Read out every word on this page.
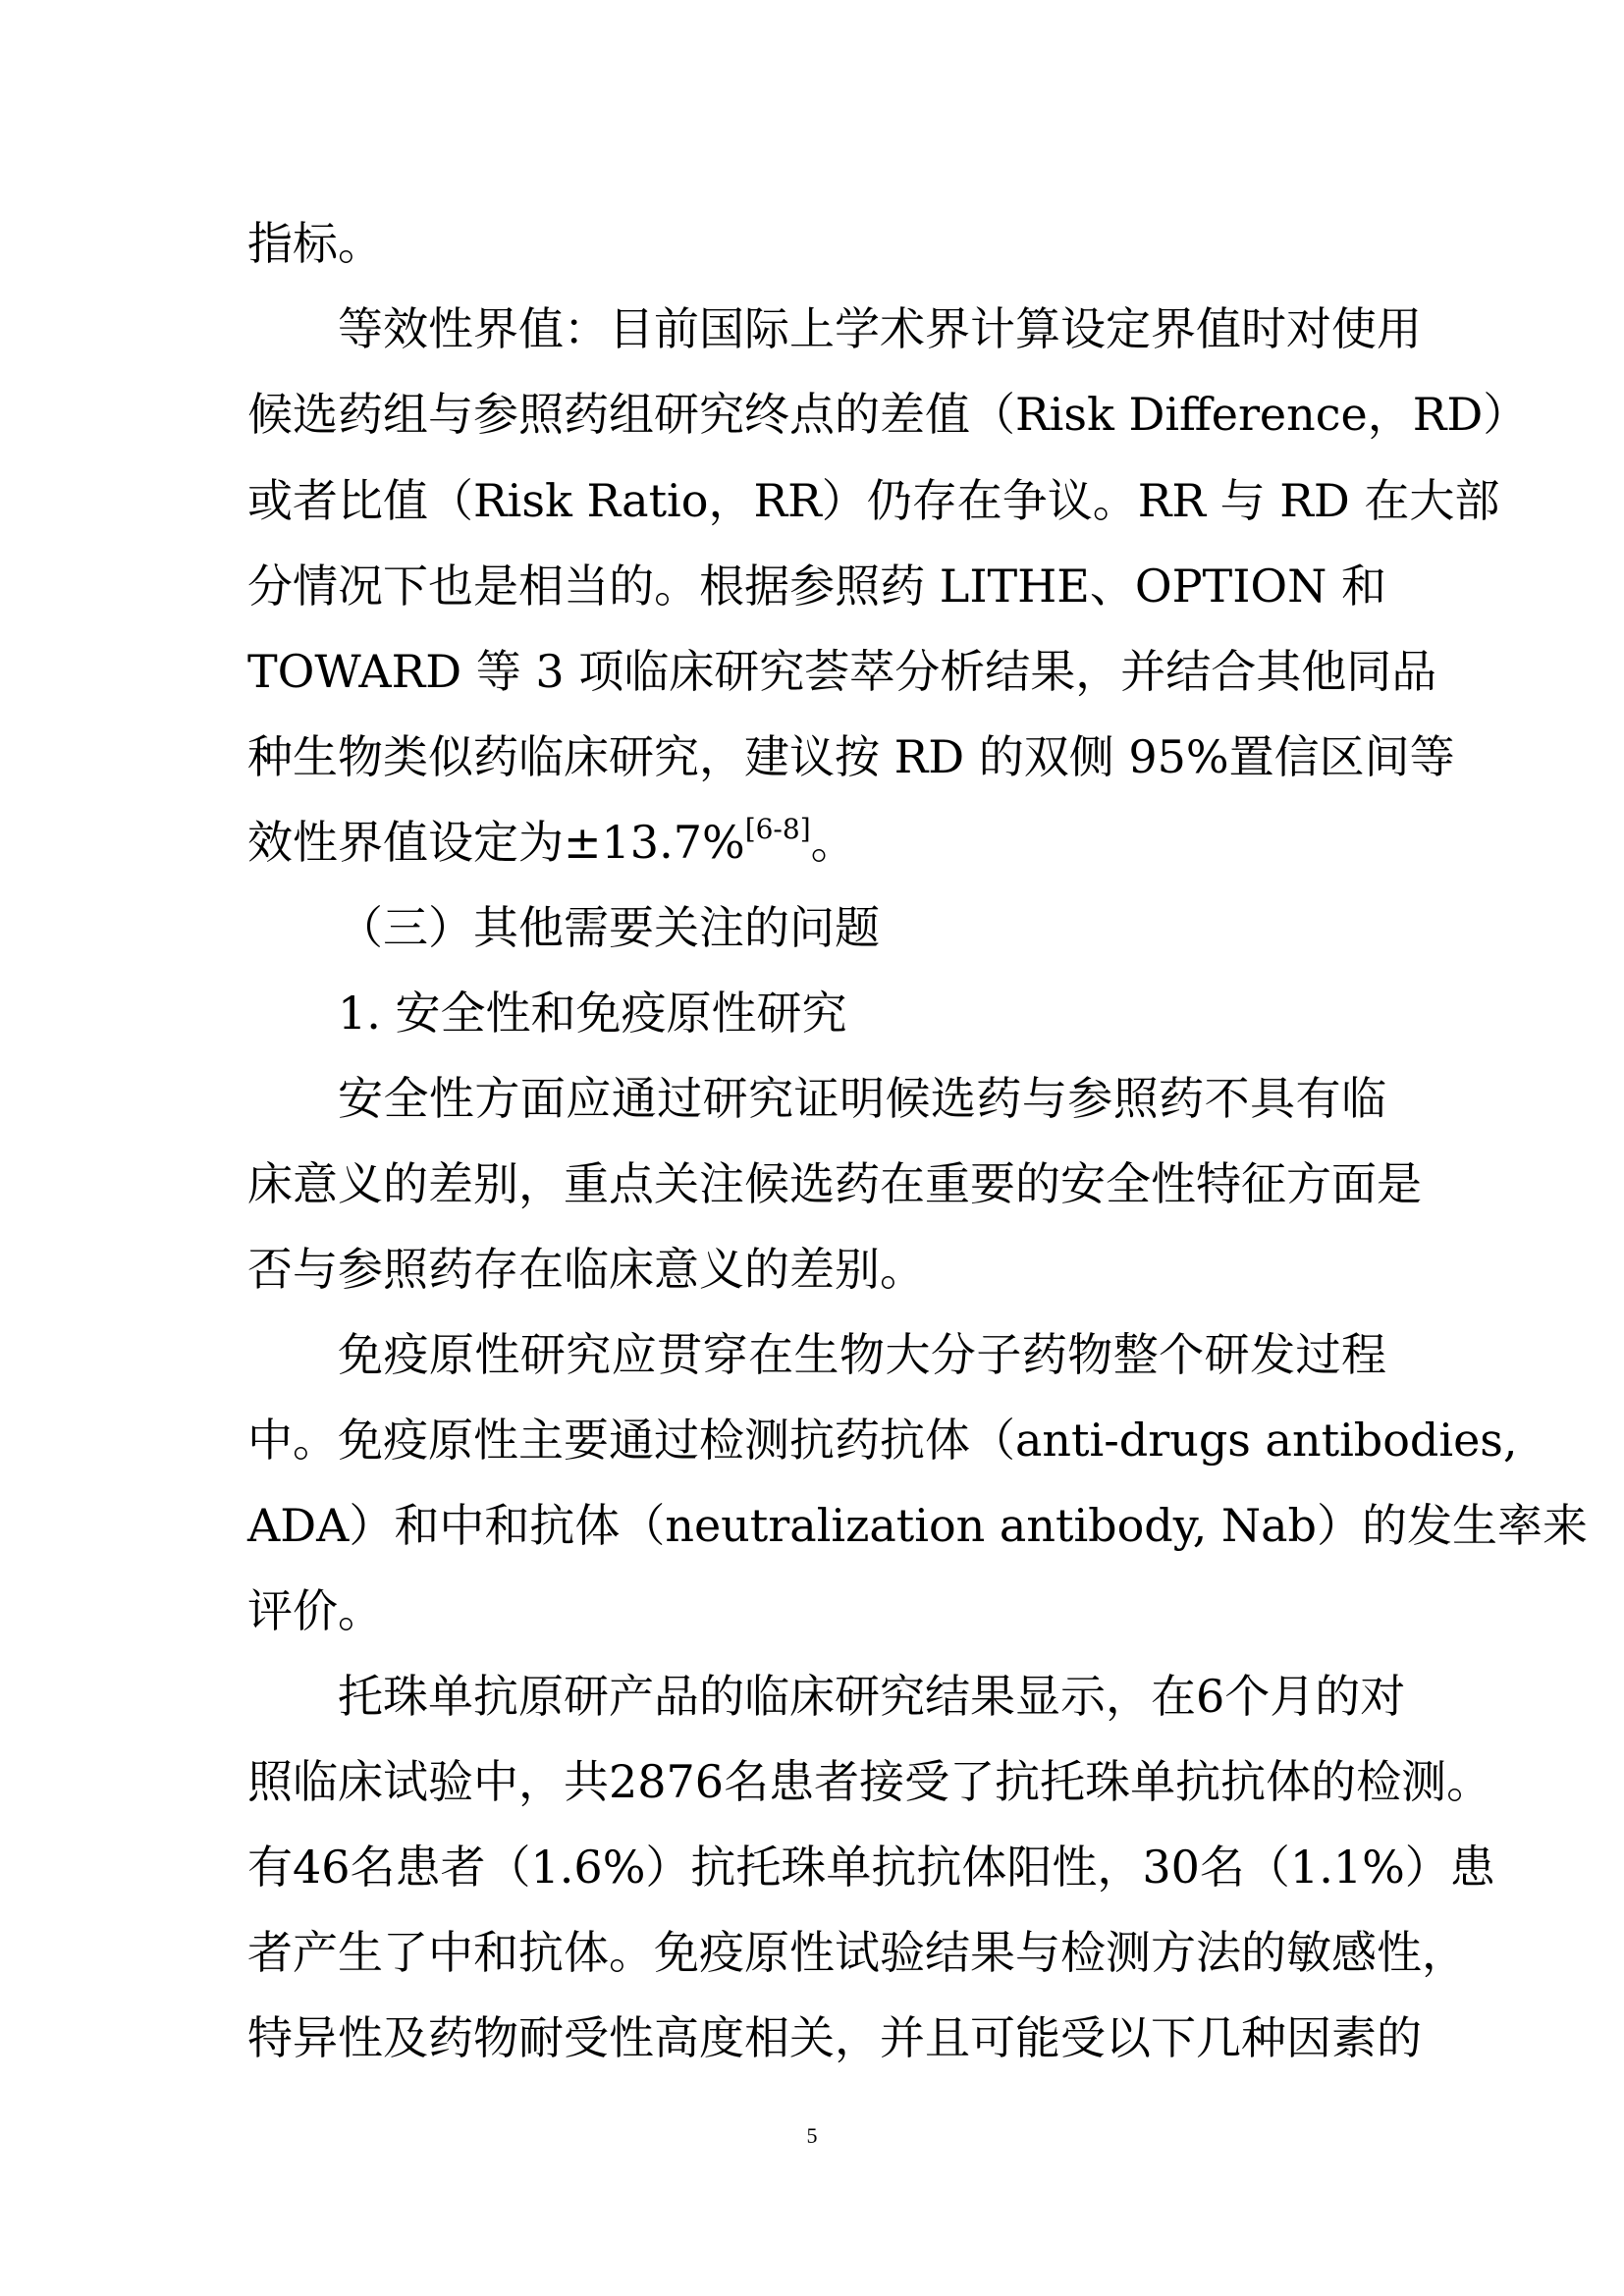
指标。
等效性界值：目前国际上学术界计算设定界值时对使用
候选药组与参照药组研究终点的差值（Risk Difference，RD）
或者比值（Risk Ratio，RR）仍存在争议。RR 与 RD 在大部
分情况下也是相当的。根据参照药 LITHE、OPTION 和
TOWARD 等 3 项临床研究荟萃分析结果，并结合其他同品
种生物类似药临床研究，建议按 RD 的双侧 95%置信区间等
效性界值设定为±13.7%[6-8]。
（三）其他需要关注的问题
1. 安全性和免疫原性研究
安全性方面应通过研究证明候选药与参照药不具有临
床意义的差别，重点关注候选药在重要的安全性特征方面是
否与参照药存在临床意义的差别。
免疫原性研究应贯穿在生物大分子药物整个研发过程
中。免疫原性主要通过检测抗药抗体（anti-drugs antibodies,
ADA）和中和抗体（neutralization antibody, Nab）的发生率来
评价。
托珠单抗原研产品的临床研究结果显示，在6个月的对
照临床试验中，共2876名患者接受了抗托珠单抗抗体的检测。
有46名患者（1.6%）抗托珠单抗抗体阳性，30名（1.1%）患
者产生了中和抗体。免疫原性试验结果与检测方法的敏感性，
特异性及药物耐受性高度相关，并且可能受以下几种因素的
5
